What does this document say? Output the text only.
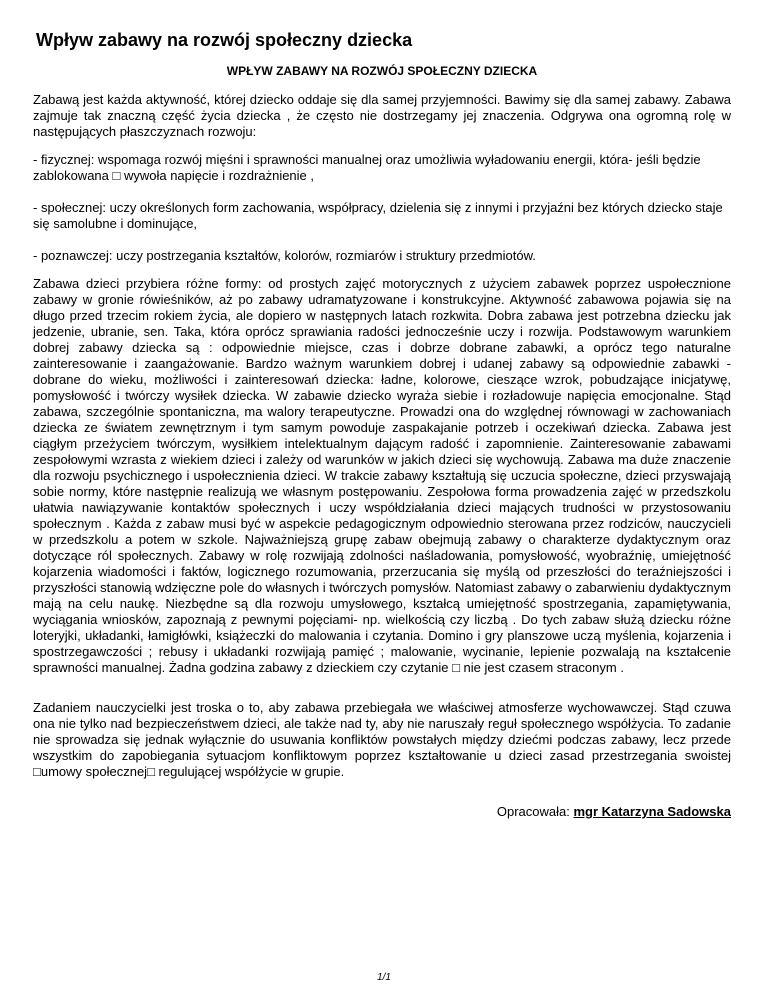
Wpływ zabawy na rozwój społeczny dziecka

WPŁYW ZABAWY NA ROZWÓJ SPOŁECZNY DZIECKA

Zabawą jest każda aktywność, której dziecko oddaje się dla samej przyjemności. Bawimy się dla samej zabawy. Zabawa zajmuje tak znaczną część życia dziecka , że często nie dostrzegamy jej znaczenia. Odgrywa ona ogromną rolę w następujących płaszczyznach rozwoju:

- fizycznej: wspomaga rozwój mięśni i sprawności manualnej oraz umożliwia wyładowaniu energii, która- jeśli będzie zablokowana □ wywoła napięcie i rozdrażnienie ,

- społecznej: uczy określonych form zachowania, współpracy, dzielenia się z innymi i przyjaźni bez których dziecko staje się samolubne i dominujące,

- poznawczej: uczy postrzegania kształtów, kolorów, rozmiarów i struktury przedmiotów.

Zabawa dzieci przybiera różne formy: od prostych zajęć motorycznych z użyciem zabawek poprzez uspołecznione zabawy w gronie rówieśników, aż po zabawy udramatyzowane i konstrukcyjne. Aktywność zabawowa pojawia się na długo przed trzecim rokiem życia, ale dopiero w następnych latach rozkwita. Dobra zabawa jest potrzebna dziecku jak jedzenie, ubranie, sen. Taka, która oprócz sprawiania radości jednocześnie uczy i rozwija. Podstawowym warunkiem dobrej zabawy dziecka są : odpowiednie miejsce, czas i dobrze dobrane zabawki, a oprócz tego naturalne zainteresowanie i zaangażowanie. Bardzo ważnym warunkiem dobrej i udanej zabawy są odpowiednie zabawki - dobrane do wieku, możliwości i zainteresowań dziecka: ładne, kolorowe, cieszące wzrok, pobudzające inicjatywę, pomysłowość i twórczy wysiłek dziecka. W zabawie dziecko wyraża siebie i rozładowuje napięcia emocjonalne. Stąd zabawa, szczególnie spontaniczna, ma walory terapeutyczne. Prowadzi ona do względnej równowagi w zachowaniach dziecka ze światem zewnętrznym i tym samym powoduje zaspakajanie potrzeb i oczekiwań dziecka. Zabawa jest ciągłym przeżyciem twórczym, wysiłkiem intelektualnym dającym radość i zapomnienie. Zainteresowanie zabawami zespołowymi wzrasta z wiekiem dzieci i zależy od warunków w jakich dzieci się wychowują. Zabawa ma duże znaczenie dla rozwoju psychicznego i uspołecznienia dzieci. W trakcie zabawy kształtują się uczucia społeczne, dzieci przyswajają sobie normy, które następnie realizują we własnym postępowaniu. Zespołowa forma prowadzenia zajęć w przedszkolu ułatwia nawiązywanie kontaktów społecznych i uczy współdziałania dzieci mających trudności w przystosowaniu społecznym . Każda z zabaw musi być w aspekcie pedagogicznym odpowiednio sterowana przez rodziców, nauczycieli w przedszkolu a potem w szkole. Najważniejszą grupę zabaw obejmują zabawy o charakterze dydaktycznym oraz dotyczące ról społecznych. Zabawy w rolę rozwijają zdolności naśladowania, pomysłowość, wyobraźnię, umiejętność kojarzenia wiadomości i faktów, logicznego rozumowania, przerzucania się myślą od przeszłości do teraźniejszości i przyszłości stanowią wdzięczne pole do własnych i twórczych pomysłów. Natomiast zabawy o zabarwieniu dydaktycznym mają na celu naukę. Niezbędne są dla rozwoju umysłowego, kształcą umiejętność spostrzegania, zapamiętywania, wyciągania wniosków, zapoznają z pewnymi pojęciami- np. wielkością czy liczbą . Do tych zabaw służą dziecku różne loteryjki, układanki, łamigłówki, książeczki do malowania i czytania. Domino i gry planszowe uczą myślenia, kojarzenia i spostrzegawczości ; rebusy i układanki rozwijają pamięć ; malowanie, wycinanie, lepienie pozwalają na kształcenie sprawności manualnej. Żadna godzina zabawy z dzieckiem czy czytanie □ nie jest czasem straconym .

Zadaniem nauczycielki jest troska o to, aby zabawa przebiegała we właściwej atmosferze wychowawczej. Stąd czuwa ona nie tylko nad bezpieczeństwem dzieci, ale także nad ty, aby nie naruszały reguł społecznego współżycia. To zadanie nie sprowadza się jednak wyłącznie do usuwania konfliktów powstałych między dziećmi podczas zabawy, lecz przede wszystkim do zapobiegania sytuacjom konfliktowym poprzez kształtowanie u dzieci zasad przestrzegania swoistej □umowy społecznej□ regulującej współżycie w grupie.

Opracowała: mgr Katarzyna Sadowska

1/1
